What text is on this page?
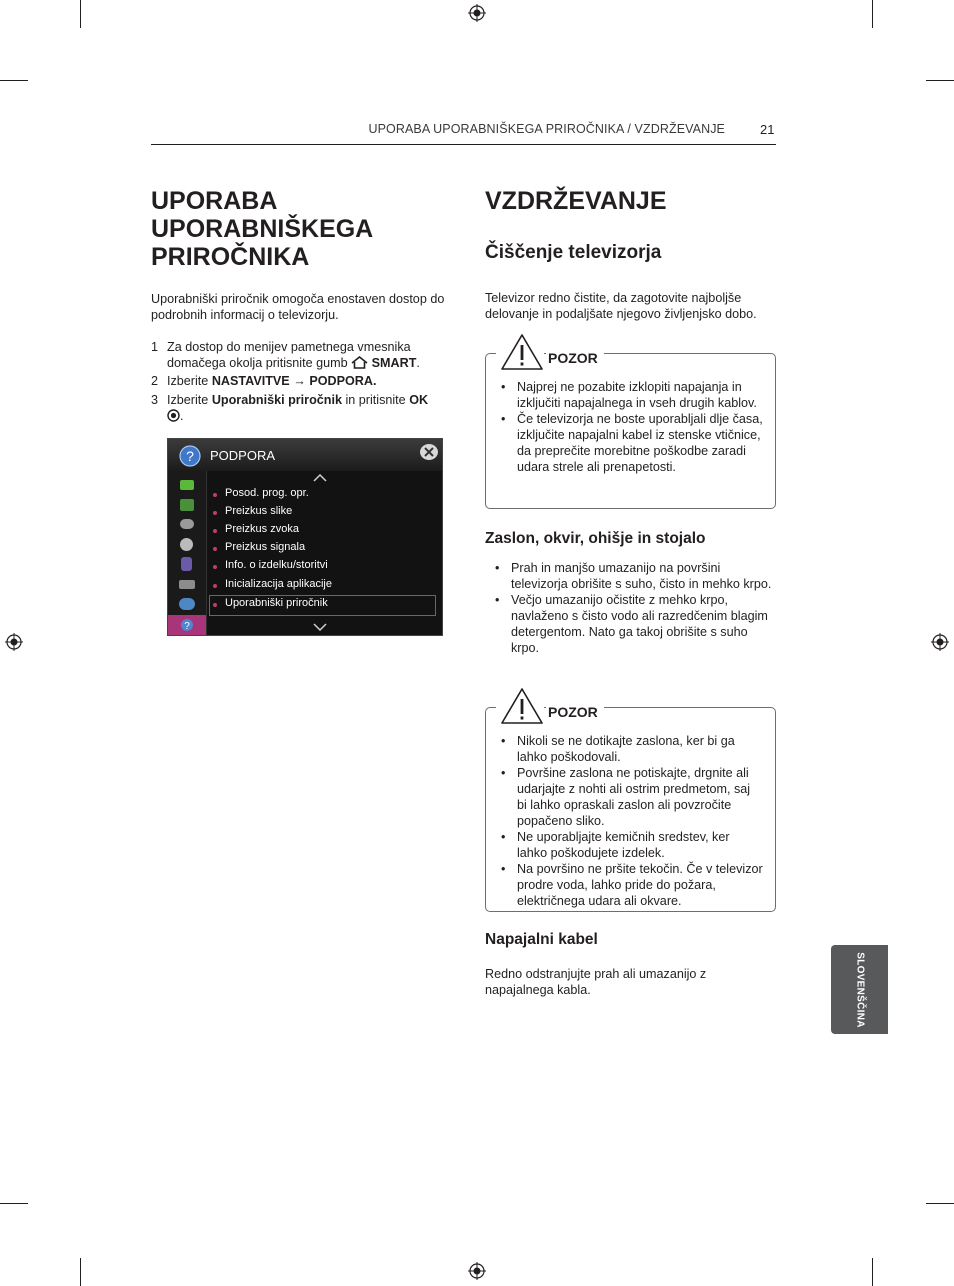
UPORABA UPORABNIŠKEGA PRIROČNIKA / VZDRŽEVANJE	21
UPORABA
UPORABNIŠKEGA
PRIROČNIKA
Uporabniški priročnik omogoča enostaven dostop do podrobnih informacij o televizorju.
1 Za dostop do menijev pametnega vmesnika domačega okolja pritisnite gumb  SMART.
2 Izberite NASTAVITVE → PODPORA.
3 Izberite Uporabniški priročnik in pritisnite OK
.
? PODPORA
?
Posod. prog. opr.
Preizkus slike
Preizkus zvoka
Preizkus signala
Info. o izdelku/storitvi
Inicializacija aplikacije
Uporabniški priročnik
VZDRŽEVANJE
Čiščenje televizorja
Televizor redno čistite, da zagotovite najboljše delovanje in podaljšate njegovo življenjsko dobo.
• Najprej ne pozabite izklopiti napajanja in izključiti napajalnega in vseh drugih kablov.
• Če televizorja ne boste uporabljali dlje časa, izključite napajalni kabel iz stenske vtičnice, da preprečite morebitne poškodbe zaradi udara strele ali prenapetosti.
POZOR
Zaslon, okvir, ohišje in stojalo
• Prah in manjšo umazanijo na površini televizorja obrišite s suho, čisto in mehko krpo.
• Večjo umazanijo očistite z mehko krpo, navlaženo s čisto vodo ali razredčenim blagim detergentom. Nato ga takoj obrišite s suho krpo.
• Nikoli se ne dotikajte zaslona, ker bi ga lahko poškodovali.
• Površine zaslona ne potiskajte, drgnite ali udarjajte z nohti ali ostrim predmetom, saj bi lahko opraskali zaslon ali povzročite popačeno sliko.
• Ne uporabljajte kemičnih sredstev, ker lahko poškodujete izdelek.
• Na površino ne pršite tekočin. Če v televizor prodre voda, lahko pride do požara, električnega udara ali okvare.
POZOR
Napajalni kabel
Redno odstranjujte prah ali umazanijo z napajalnega kabla.	SLOVENŠČINA
